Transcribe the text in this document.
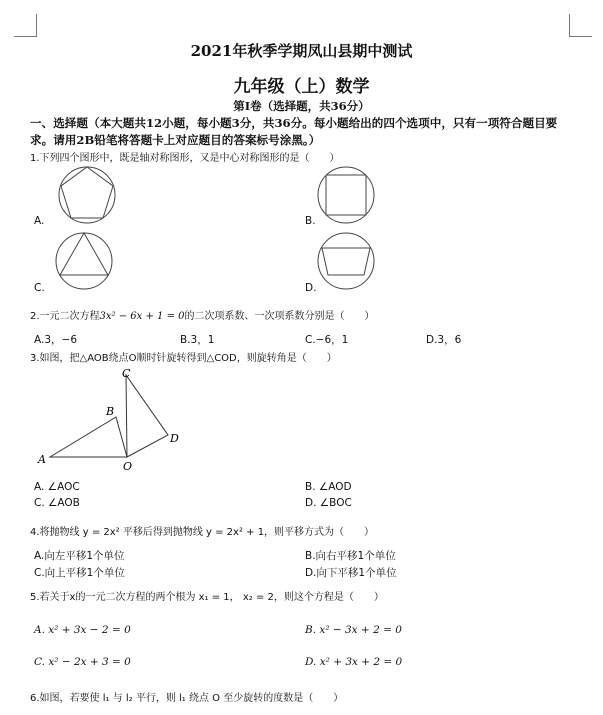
2021年秋季学期凤山县期中测试
九年级（上）数学
第Ⅰ卷（选择题，共36分）
一、选择题（本大题共12小题，每小题3分，共36分。每小题给出的四个选项中，只有一项符合题目要求。请用2B铅笔将答题卡上对应题目的答案标号涂黑。）
1.下列四个图形中，既是轴对称图形，又是中心对称图形的是（　　）
A.	B.
C.	D.
2.一元二次方程3x² − 6x + 1 = 0的二次项系数、一次项系数分别是（　　）
A.3，−6	B.3，1	C.−6，1	D.3，6
3.如图，把△AOB绕点O顺时针旋转得到△COD，则旋转角是（　　）
A
B
C
D
O
A. ∠AOC	B. ∠AOD
C. ∠AOB	D. ∠BOC
4.将抛物线 y = 2x² 平移后得到抛物线 y = 2x² + 1，则平移方式为（　　）
A.向左平移1个单位	B.向右平移1个单位
C.向上平移1个单位	D.向下平移1个单位
5.若关于x的一元二次方程的两个根为 x₁ = 1， x₂ = 2，则这个方程是（　　）
A. x² + 3x − 2 = 0	B. x² − 3x + 2 = 0
C. x² − 2x + 3 = 0	D. x² + 3x + 2 = 0
6.如图，若要使 l₁ 与 l₂ 平行，则 l₁ 绕点 O 至少旋转的度数是（　　）
